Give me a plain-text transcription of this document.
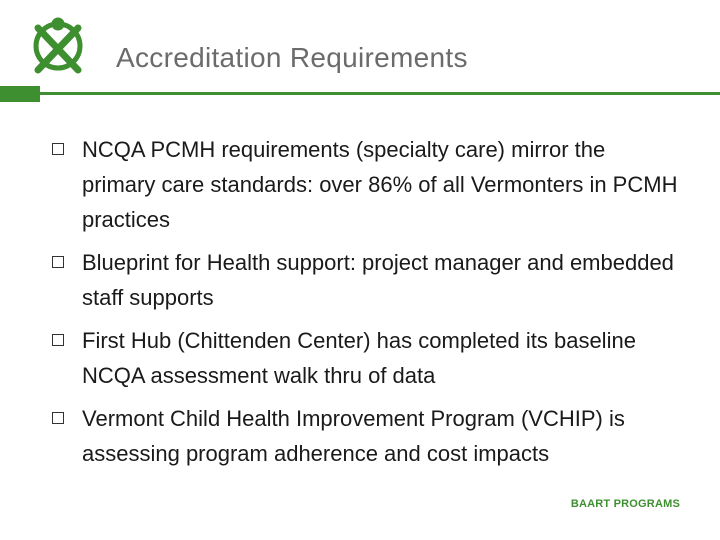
Accreditation Requirements
NCQA PCMH requirements (specialty care) mirror the primary care standards: over 86% of all Vermonters in PCMH practices
Blueprint for Health support: project manager and embedded staff supports
First Hub (Chittenden Center) has completed its baseline NCQA assessment walk thru of data
Vermont Child Health Improvement Program (VCHIP) is assessing program adherence and cost impacts
BAART PROGRAMS
